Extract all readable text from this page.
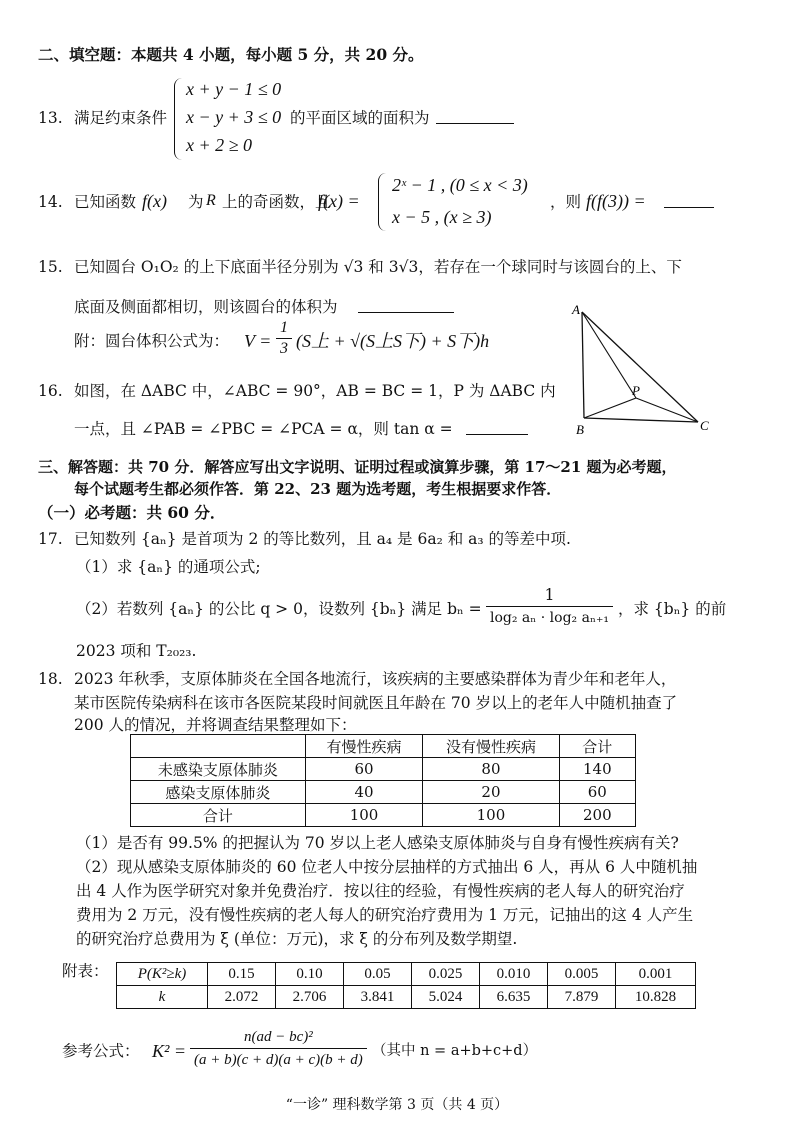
二、填空题：本题共 4 小题，每小题 5 分，共 20 分。
13. 满足约束条件
x + y − 1 ≤ 0
x − y + 3 ≤ 0
x + 2 ≥ 0
的平面区域的面积为
14. 已知函数 f(x) 为 R 上的奇函数，且
f(x) =
2ˣ − 1 , (0 ≤ x < 3)
x − 5 , (x ≥ 3)
，则 f(f(3)) =
15. 已知圆台 O₁O₂ 的上下底面半径分别为 √3 和 3√3，若存在一个球同时与该圆台的上、下
底面及侧面都相切，则该圆台的体积为
附：圆台体积公式为： $V = \frac{1}{3} (S$上 + √(S上S下) + S下)h
16. 如图，在 ΔABC 中，∠ABC = 90°，AB = BC = 1，P 为 ΔABC 内
一点，且 ∠PAB = ∠PBC = ∠PCA = α，则 tan α =
A
B	C
P
三、解答题：共 70 分．解答应写出文字说明、证明过程或演算步骤，第 17～21 题为必考题，
每个试题考生都必须作答．第 22、23 题为选考题，考生根据要求作答．
（一）必考题：共 60 分．
17. 已知数列 {aₙ} 是首项为 2 的等比数列，且 a₄ 是 6a₂ 和 a₃ 的等差中项.
（1）求 {aₙ} 的通项公式;
（2）若数列 {aₙ} 的公比 q > 0，设数列 {bₙ} 满足 $b_n = \frac{1}{\text{log₂ aₙ · log₂ aₙ₊₁}}$ ，求 {bₙ} 的前
2023 项和 T₂₀₂₃.
18. 2023 年秋季，支原体肺炎在全国各地流行，该疾病的主要感染群体为青少年和老年人，
某市医院传染病科在该市各医院某段时间就医且年龄在 70 岁以上的老年人中随机抽查了
200 人的情况，并将调查结果整理如下：
	有慢性疾病	没有慢性疾病	合计
未感染支原体肺炎	60	80	140
感染支原体肺炎	40	20	60
合计	100	100	200
（1）是否有 99.5% 的把握认为 70 岁以上老人感染支原体肺炎与自身有慢性疾病有关?
（2）现从感染支原体肺炎的 60 位老人中按分层抽样的方式抽出 6 人，再从 6 人中随机抽
出 4 人作为医学研究对象并免费治疗．按以往的经验，有慢性疾病的老人每人的研究治疗
费用为 2 万元，没有慢性疾病的老人每人的研究治疗费用为 1 万元，记抽出的这 4 人产生
的研究治疗总费用为 ξ (单位：万元)，求 ξ 的分布列及数学期望.
附表： P(K²≥k)	0.15	0.10	0.05	0.025	0.010	0.005	0.001
k	2.072	2.706	3.841	5.024	6.635	7.879	10.828
参考公式： $K^2 = \frac{\text{n(ad − bc)²}}{(a + b)(c + d)(a + c)(b + d)}$ （其中 n = a+b+c+d）
“一诊” 理科数学第 3 页（共 4 页）
